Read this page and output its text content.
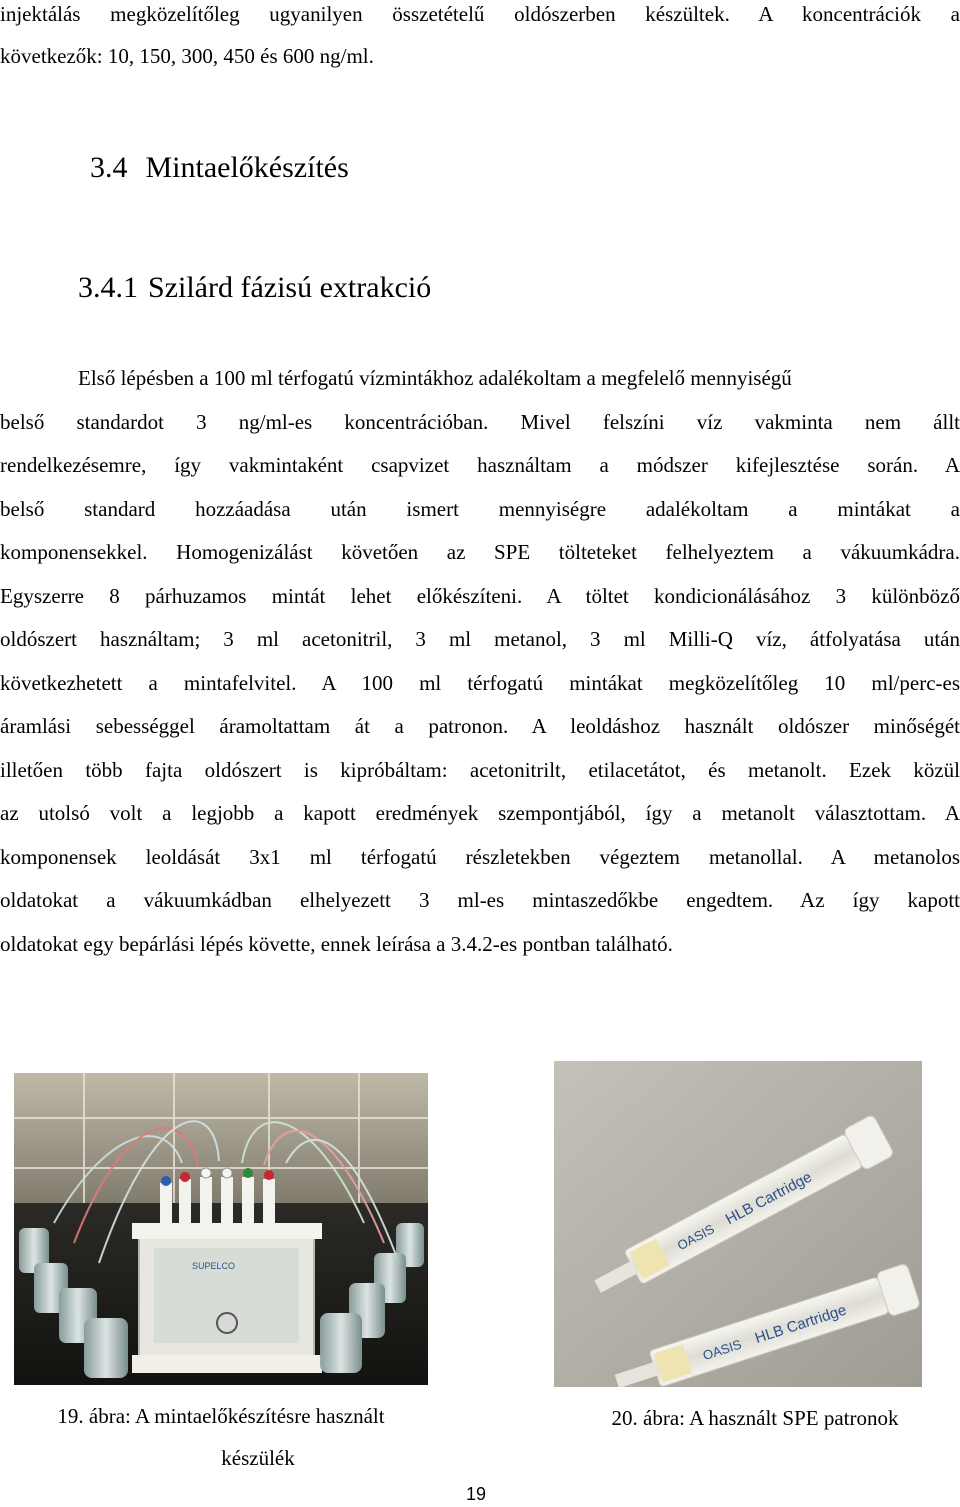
injektálás megközelítőleg ugyanilyen összetételű oldószerben készültek. A koncentrációk a
következők: 10, 150, 300, 450 és 600 ng/ml.
3.4 Mintaelőkészítés
3.4.1 Szilárd fázisú extrakció
Első lépésben a 100 ml térfogatú vízmintákhoz adalékoltam a megfelelő mennyiségű
belső standardot 3 ng/ml-es koncentrációban. Mivel felszíni víz vakminta nem állt
rendelkezésemre, így vakmintaként csapvizet használtam a módszer kifejlesztése során. A
belső standard hozzáadása után ismert mennyiségre adalékoltam a mintákat a
komponensekkel. Homogenizálást követően az SPE tölteteket felhelyeztem a vákuumkádra.
Egyszerre 8 párhuzamos mintát lehet előkészíteni. A töltet kondicionálásához 3 különböző
oldószert használtam; 3 ml acetonitril, 3 ml metanol, 3 ml Milli-Q víz, átfolyatása után
következhetett a mintafelvitel. A 100 ml térfogatú mintákat megközelítőleg 10 ml/perc-es
áramlási sebességgel áramoltattam át a patronon. A leoldáshoz használt oldószer minőségét
illetően több fajta oldószert is kipróbáltam: acetonitrilt, etilacetátot, és metanolt. Ezek közül
az utolsó volt a legjobb a kapott eredmények szempontjából, így a metanolt választottam. A
komponensek leoldását 3x1 ml térfogatú részletekben végeztem metanollal. A metanolos
oldatokat a vákuumkádban elhelyezett 3 ml-es mintaszedőkbe engedtem. Az így kapott
oldatokat egy bepárlási lépés követte, ennek leírása a 3.4.2-es pontban található.
SUPELCO
OASIS
HLB Cartridge
OASIS
HLB Cartridge
19. ábra: A mintaelőkészítésre használt
készülék
20. ábra: A használt SPE patronok
19
